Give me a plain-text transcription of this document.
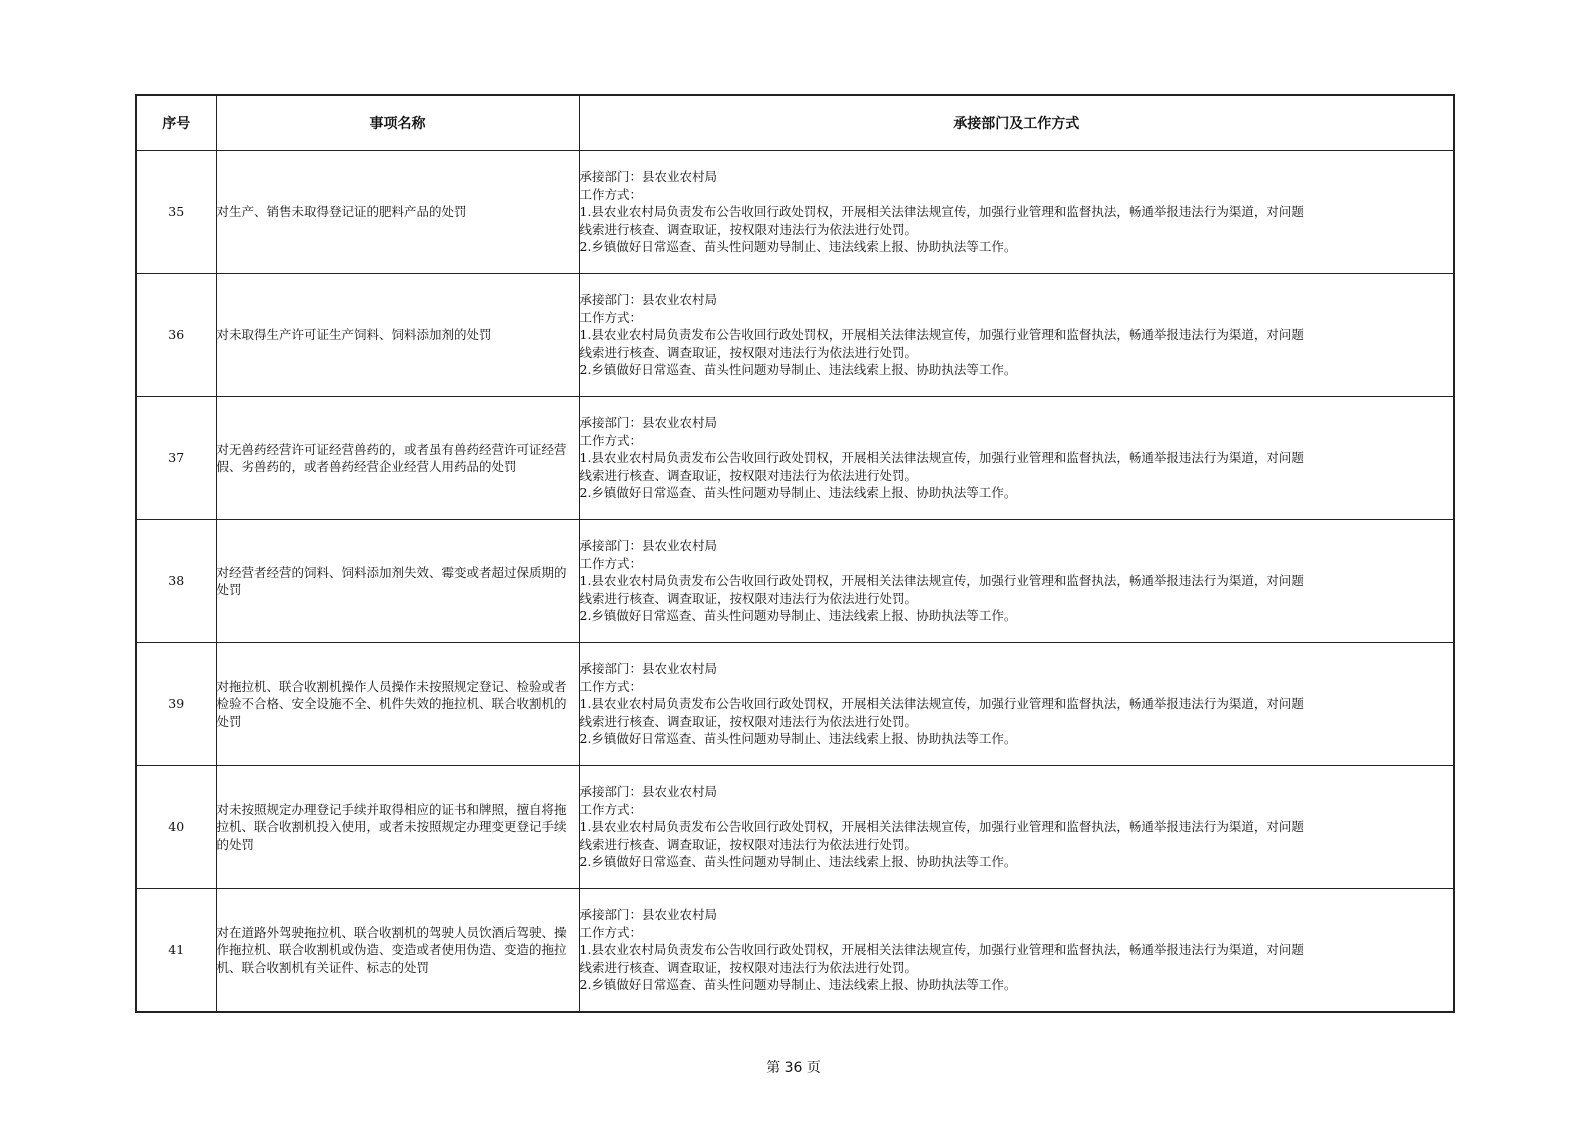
序号	事项名称	承接部门及工作方式
35	对生产、销售未取得登记证的肥料产品的处罚	承接部门：县农业农村局
工作方式：
1.县农业农村局负责发布公告收回行政处罚权，开展相关法律法规宣传，加强行业管理和监督执法，畅通举报违法行为渠道，对问题
线索进行核查、调查取证，按权限对违法行为依法进行处罚。
2.乡镇做好日常巡查、苗头性问题劝导制止、违法线索上报、协助执法等工作。

36	对未取得生产许可证生产饲料、饲料添加剂的处罚	承接部门：县农业农村局
工作方式：
1.县农业农村局负责发布公告收回行政处罚权，开展相关法律法规宣传，加强行业管理和监督执法，畅通举报违法行为渠道，对问题
线索进行核查、调查取证，按权限对违法行为依法进行处罚。
2.乡镇做好日常巡查、苗头性问题劝导制止、违法线索上报、协助执法等工作。

37	对无兽药经营许可证经营兽药的，或者虽有兽药经营许可证经营假、劣兽药的，或者兽药经营企业经营人用药品的处罚	承接部门：县农业农村局
工作方式：
1.县农业农村局负责发布公告收回行政处罚权，开展相关法律法规宣传，加强行业管理和监督执法，畅通举报违法行为渠道，对问题
线索进行核查、调查取证，按权限对违法行为依法进行处罚。
2.乡镇做好日常巡查、苗头性问题劝导制止、违法线索上报、协助执法等工作。

38	对经营者经营的饲料、饲料添加剂失效、霉变或者超过保质期的处罚	承接部门：县农业农村局
工作方式：
1.县农业农村局负责发布公告收回行政处罚权，开展相关法律法规宣传，加强行业管理和监督执法，畅通举报违法行为渠道，对问题
线索进行核查、调查取证，按权限对违法行为依法进行处罚。
2.乡镇做好日常巡查、苗头性问题劝导制止、违法线索上报、协助执法等工作。

39	对拖拉机、联合收割机操作人员操作未按照规定登记、检验或者检验不合格、安全设施不全、机件失效的拖拉机、联合收割机的处罚	承接部门：县农业农村局
工作方式：
1.县农业农村局负责发布公告收回行政处罚权，开展相关法律法规宣传，加强行业管理和监督执法，畅通举报违法行为渠道，对问题
线索进行核查、调查取证，按权限对违法行为依法进行处罚。
2.乡镇做好日常巡查、苗头性问题劝导制止、违法线索上报、协助执法等工作。

40	对未按照规定办理登记手续并取得相应的证书和牌照，擅自将拖拉机、联合收割机投入使用，或者未按照规定办理变更登记手续的处罚	承接部门：县农业农村局
工作方式：
1.县农业农村局负责发布公告收回行政处罚权，开展相关法律法规宣传，加强行业管理和监督执法，畅通举报违法行为渠道，对问题
线索进行核查、调查取证，按权限对违法行为依法进行处罚。
2.乡镇做好日常巡查、苗头性问题劝导制止、违法线索上报、协助执法等工作。

41	对在道路外驾驶拖拉机、联合收割机的驾驶人员饮酒后驾驶、操作拖拉机、联合收割机或伪造、变造或者使用伪造、变造的拖拉机、联合收割机有关证件、标志的处罚	承接部门：县农业农村局
工作方式：
1.县农业农村局负责发布公告收回行政处罚权，开展相关法律法规宣传，加强行业管理和监督执法，畅通举报违法行为渠道，对问题
线索进行核查、调查取证，按权限对违法行为依法进行处罚。
2.乡镇做好日常巡查、苗头性问题劝导制止、违法线索上报、协助执法等工作。
第 36 页
